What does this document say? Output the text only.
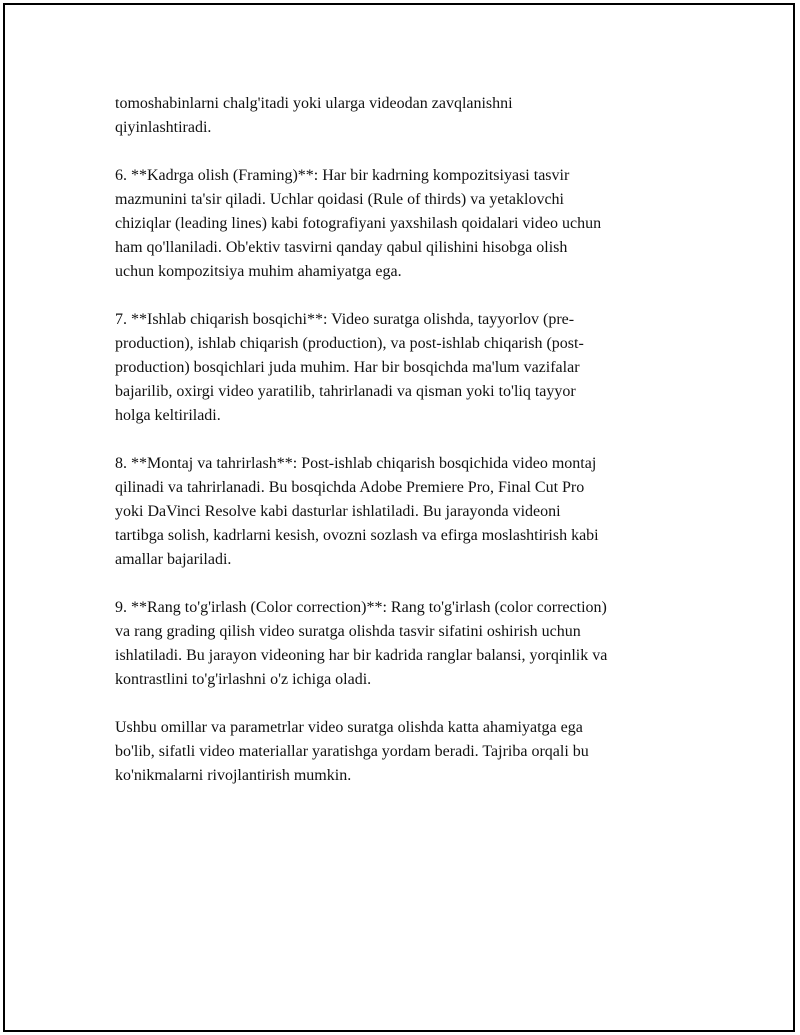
tomoshabinlarni chalg'itadi yoki ularga videodan zavqlanishni
qiyinlashtiradi.

6. **Kadrga olish (Framing)**: Har bir kadrning kompozitsiyasi tasvir
mazmunini ta'sir qiladi. Uchlar qoidasi (Rule of thirds) va yetaklovchi
chiziqlar (leading lines) kabi fotografiyani yaxshilash qoidalari video uchun
ham qo'llaniladi. Ob'ektiv tasvirni qanday qabul qilishini hisobga olish
uchun kompozitsiya muhim ahamiyatga ega.

7. **Ishlab chiqarish bosqichi**: Video suratga olishda, tayyorlov (pre-
production), ishlab chiqarish (production), va post-ishlab chiqarish (post-
production) bosqichlari juda muhim. Har bir bosqichda ma'lum vazifalar
bajarilib, oxirgi video yaratilib, tahrirlanadi va qisman yoki to'liq tayyor
holga keltiriladi.

8. **Montaj va tahrirlash**: Post-ishlab chiqarish bosqichida video montaj
qilinadi va tahrirlanadi. Bu bosqichda Adobe Premiere Pro, Final Cut Pro
yoki DaVinci Resolve kabi dasturlar ishlatiladi. Bu jarayonda videoni
tartibga solish, kadrlarni kesish, ovozni sozlash va efirga moslashtirish kabi
amallar bajariladi.

9. **Rang to'g'irlash (Color correction)**: Rang to'g'irlash (color correction)
va rang grading qilish video suratga olishda tasvir sifatini oshirish uchun
ishlatiladi. Bu jarayon videoning har bir kadrida ranglar balansi, yorqinlik va
kontrastlini to'g'irlashni o'z ichiga oladi.

Ushbu omillar va parametrlar video suratga olishda katta ahamiyatga ega
bo'lib, sifatli video materiallar yaratishga yordam beradi. Tajriba orqali bu
ko'nikmalarni rivojlantirish mumkin.
